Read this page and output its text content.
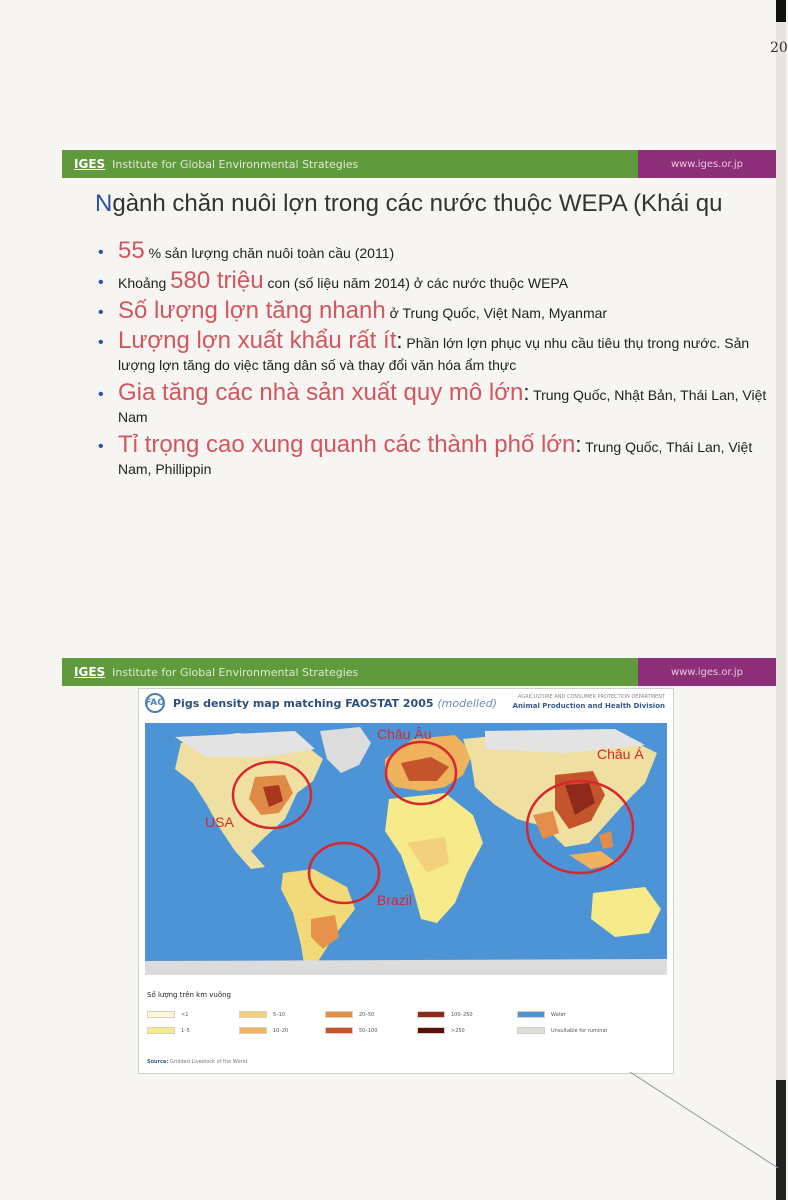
20
IGES Institute for Global Environmental Strategies	www.iges.or.jp
Ngành chăn nuôi lợn trong các nước thuộc WEPA (Khái qu
• 55 % sản lượng chăn nuôi toàn cầu (2011)
• Khoảng 580 triệu con (số liệu năm 2014) ở các nước thuộc WEPA
• Số lượng lợn tăng nhanh ở Trung Quốc, Việt Nam, Myanmar
• Lượng lợn xuất khẩu rất ít: Phần lớn lợn phục vụ nhu cầu tiêu thụ trong nước. Sản lượng lợn tăng do việc tăng dân số và thay đổi văn hóa ẩm thực
• Gia tăng các nhà sản xuất quy mô lớn: Trung Quốc, Nhật Bản, Thái Lan, Việt Nam
• Tỉ trọng cao xung quanh các thành phố lớn: Trung Quốc, Thái Lan, Việt Nam, Phillippin
IGES Institute for Global Environmental Strategies	www.iges.or.jp
FAO Pigs density map matching FAOSTAT 2005 (modelled)	AGRICULTURE AND CONSUMER PROTECTION DEPARTMENT
Animal Production and Health Division
USA
Châu Âu
Châu Á
Brazil
Số lượng trên km vuông
<1
1–5
5–10
10–20
20–50
50–100
100–250
>250
Water
Unsuitable for ruminat
Source: Gridded Livestock of the World
